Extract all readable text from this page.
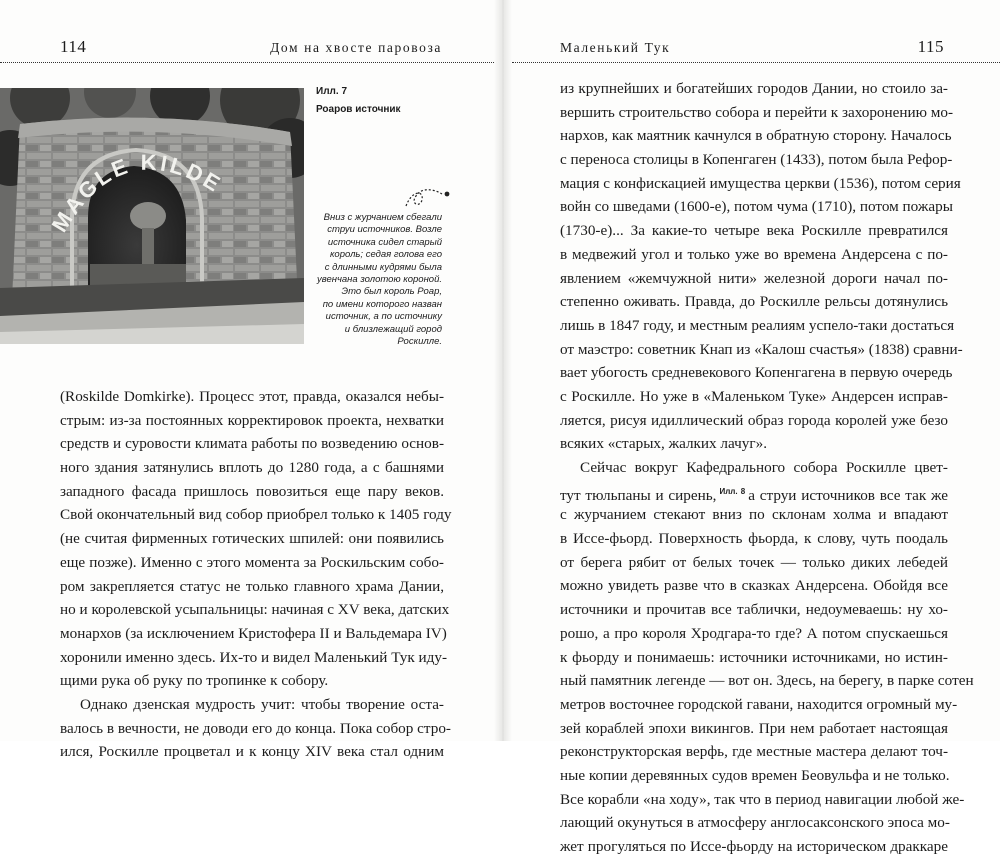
114	Дом на хвосте паровоза
MAGLE KILDE
Илл. 7
Роаров источник
Вниз с журчанием сбегали
струи источников. Возле
источника сидел старый
король; седая голова его
с длинными кудрями была
увенчана золотою короной.
Это был король Роар,
по имени которого назван
источник, а по источнику
и близлежащий город
Роскилле.
(Roskilde Domkirke). Процесс этот, правда, оказался небы-
стрым: из-за постоянных корректировок проекта, нехватки
средств и суровости климата работы по возведению основ-
ного здания затянулись вплоть до 1280 года, а с башнями
западного фасада пришлось повозиться еще пару веков.
Свой окончательный вид собор приобрел только к 1405 году
(не считая фирменных готических шпилей: они появились
еще позже). Именно с этого момента за Роскильским собо-
ром закрепляется статус не только главного храма Дании,
но и королевской усыпальницы: начиная с XV века, датских
монархов (за исключением Кристофера II и Вальдемара IV)
хоронили именно здесь. Их-то и видел Маленький Тук иду-
щими рука об руку по тропинке к собору.
Однако дзенская мудрость учит: чтобы творение оста-
валось в вечности, не доводи его до конца. Пока собор стро-
ился, Роскилле процветал и к концу XIV века стал одним
Маленький Тук	115
из крупнейших и богатейших городов Дании, но стоило за-
вершить строительство собора и перейти к захоронению мо-
нархов, как маятник качнулся в обратную сторону. Началось
с переноса столицы в Копенгаген (1433), потом была Рефор-
мация с конфискацией имущества церкви (1536), потом серия
войн со шведами (1600-е), потом чума (1710), потом пожары
(1730-е)... За какие-то четыре века Роскилле превратился
в медвежий угол и только уже во времена Андерсена с по-
явлением «жемчужной нити» железной дороги начал по-
степенно оживать. Правда, до Роскилле рельсы дотянулись
лишь в 1847 году, и местным реалиям успело-таки достаться
от маэстро: советник Кнап из «Калош счастья» (1838) сравни-
вает убогость средневекового Копенгагена в первую очередь
с Роскилле. Но уже в «Маленьком Туке» Андерсен исправ-
ляется, рисуя идиллический образ города королей уже безо
всяких «старых, жалких лачуг».
Сейчас вокруг Кафедрального собора Роскилле цвет-
тут тюльпаны и сирень, $^{Илл. 8}$ а струи источников все так же
с журчанием стекают вниз по склонам холма и впадают
в Иссе-фьорд. Поверхность фьорда, к слову, чуть поодаль
от берега рябит от белых точек — только диких лебедей
можно увидеть разве что в сказках Андерсена. Обойдя все
источники и прочитав все таблички, недоумеваешь: ну хо-
рошо, а про короля Хродгара-то где? А потом спускаешься
к фьорду и понимаешь: источники источниками, но истин-
ный памятник легенде — вот он. Здесь, на берегу, в парке сотен
метров восточнее городской гавани, находится огромный му-
зей кораблей эпохи викингов. При нем работает настоящая
реконструкторская верфь, где местные мастера делают точ-
ные копии деревянных судов времен Беовульфа и не только.
Все корабли «на ходу», так что в период навигации любой же-
лающий окунуться в атмосферу англосаксонского эпоса мо-
жет прогуляться по Иссе-фьорду на историческом драккаре
